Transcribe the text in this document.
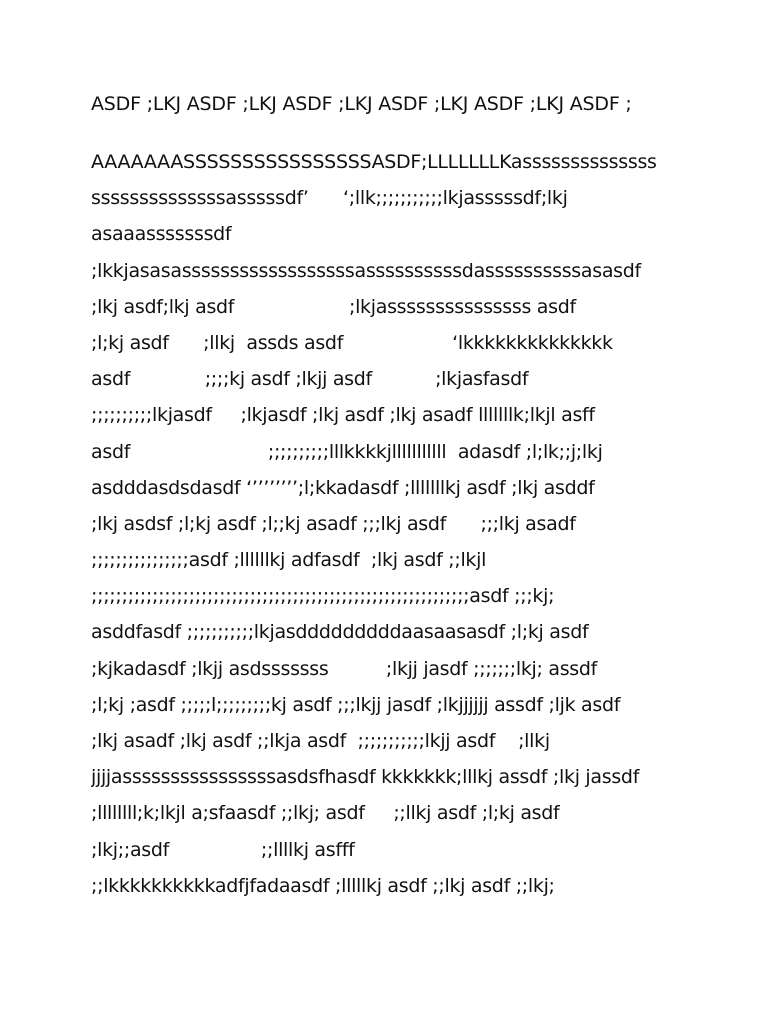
ASDF ;LKJ ASDF ;LKJ ASDF ;LKJ ASDF ;LKJ ASDF ;LKJ ASDF ;
AAAAAAASSSSSSSSSSSSSSSSASDF;LLLLLLLKassssssssssssss
ssssssssssssssasssssdf’      ‘;llk;;;;;;;;;;;lkjasssssdf;lkj
asaaasssssssdf
;lkkjasasassssssssssssssssssassssssssssdassssssssssasasdf
;lkj asdf;lkj asdf                    ;lkjasssssssssssssss asdf
;l;kj asdf      ;llkj  assds asdf                   ‘lkkkkkkkkkkkkkk
asdf             ;;;;kj asdf ;lkjj asdf           ;lkjasfasdf
;;;;;;;;;;lkjasdf     ;lkjasdf ;lkj asdf ;lkj asadf lllllllk;lkjl asff
asdf                        ;;;;;;;;;;lllkkkkjlllllllllll  adasdf ;l;lk;;j;lkj
asdddasdsdasdf ‘’’’’’’’’;l;kkadasdf ;lllllllkj asdf ;lkj asddf
;lkj asdsf ;l;kj asdf ;l;;kj asadf ;;;lkj asdf      ;;;lkj asadf
;;;;;;;;;;;;;;;;asdf ;llllllkj adfasdf  ;lkj asdf ;;lkjl
;;;;;;;;;;;;;;;;;;;;;;;;;;;;;;;;;;;;;;;;;;;;;;;;;;;;;;;;;;;;;;asdf ;;;kj;
asddfasdf ;;;;;;;;;;;lkjasdddddddddaasaasasdf ;l;kj asdf
;kjkadasdf ;lkjj asdsssssss          ;lkjj jasdf ;;;;;;;lkj; assdf
;l;kj ;asdf ;;;;;l;;;;;;;;;kj asdf ;;;lkjj jasdf ;lkjjjjjj assdf ;ljk asdf
;lkj asadf ;lkj asdf ;;lkja asdf  ;;;;;;;;;;;lkjj asdf    ;llkj
jjjjassssssssssssssssasdsfhasdf kkkkkkk;lllkj assdf ;lkj jassdf
;llllllll;k;lkjl a;sfaasdf ;;lkj; asdf     ;;llkj asdf ;l;kj asdf
;lkj;;asdf                ;;llllkj asfff
;;lkkkkkkkkkkadfjfadaasdf ;lllllkj asdf ;;lkj asdf ;;lkj;
